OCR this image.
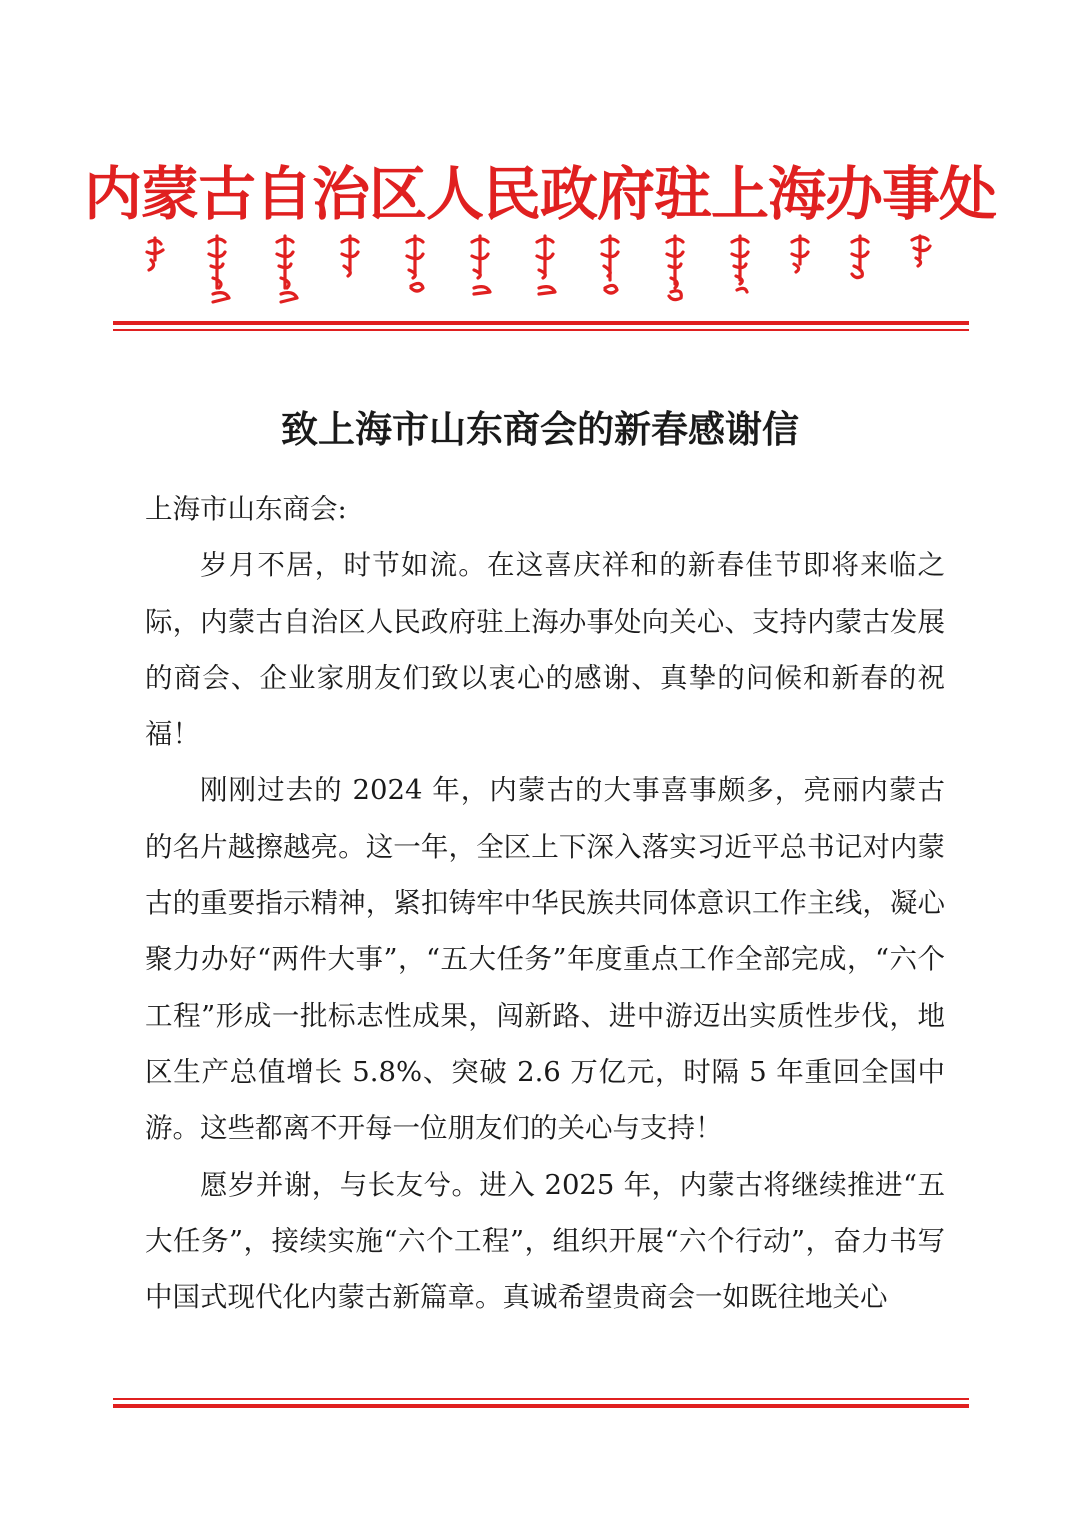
内蒙古自治区人民政府驻上海办事处
致上海市山东商会的新春感谢信

上海市山东商会:

岁月不居，时节如流。在这喜庆祥和的新春佳节即将来临之际，内蒙古自治区人民政府驻上海办事处向关心、支持内蒙古发展的商会、企业家朋友们致以衷心的感谢、真挚的问候和新春的祝福！

刚刚过去的 2024 年，内蒙古的大事喜事颇多，亮丽内蒙古的名片越擦越亮。这一年，全区上下深入落实习近平总书记对内蒙古的重要指示精神，紧扣铸牢中华民族共同体意识工作主线，凝心聚力办好“两件大事”，“五大任务”年度重点工作全部完成，“六个工程”形成一批标志性成果，闯新路、进中游迈出实质性步伐，地区生产总值增长 5.8%、突破 2.6 万亿元，时隔 5 年重回全国中游。这些都离不开每一位朋友们的关心与支持！

愿岁并谢，与长友兮。进入 2025 年，内蒙古将继续推进“五大任务”，接续实施“六个工程”，组织开展“六个行动”，奋力书写中国式现代化内蒙古新篇章。真诚希望贵商会一如既往地关心
